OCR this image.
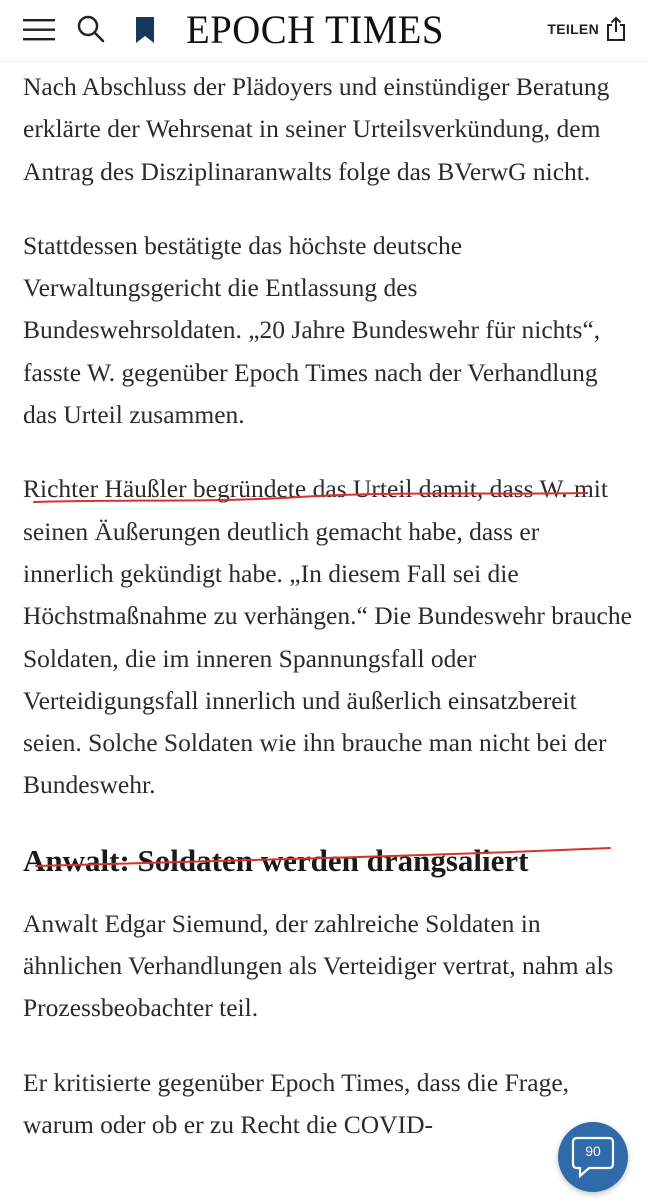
EPOCH TIMES	TEILEN

Nach Abschluss der Plädoyers und einstündiger Beratung erklärte der Wehrsenat in seiner Urteilsverkündung, dem Antrag des Disziplinaranwalts folge das BVerwG nicht.

Stattdessen bestätigte das höchste deutsche Verwaltungsgericht die Entlassung des Bundeswehrsoldaten. „20 Jahre Bundeswehr für nichts“, fasste W. gegenüber Epoch Times nach der Verhandlung das Urteil zusammen.

Richter Häußler begründete das Urteil damit, dass W. mit seinen Äußerungen deutlich gemacht habe, dass er innerlich gekündigt habe. „In diesem Fall sei die Höchstmaßnahme zu verhängen.“ Die Bundeswehr brauche Soldaten, die im inneren Spannungsfall oder Verteidigungsfall innerlich und äußerlich einsatzbereit seien. Solche Soldaten wie ihn brauche man nicht bei der Bundeswehr.

Anwalt: Soldaten werden drangsaliert

Anwalt Edgar Siemund, der zahlreiche Soldaten in ähnlichen Verhandlungen als Verteidiger vertrat, nahm als Prozessbeobachter teil.

Er kritisierte gegenüber Epoch Times, dass die Frage, warum oder ob er zu Recht die COVID-

90
